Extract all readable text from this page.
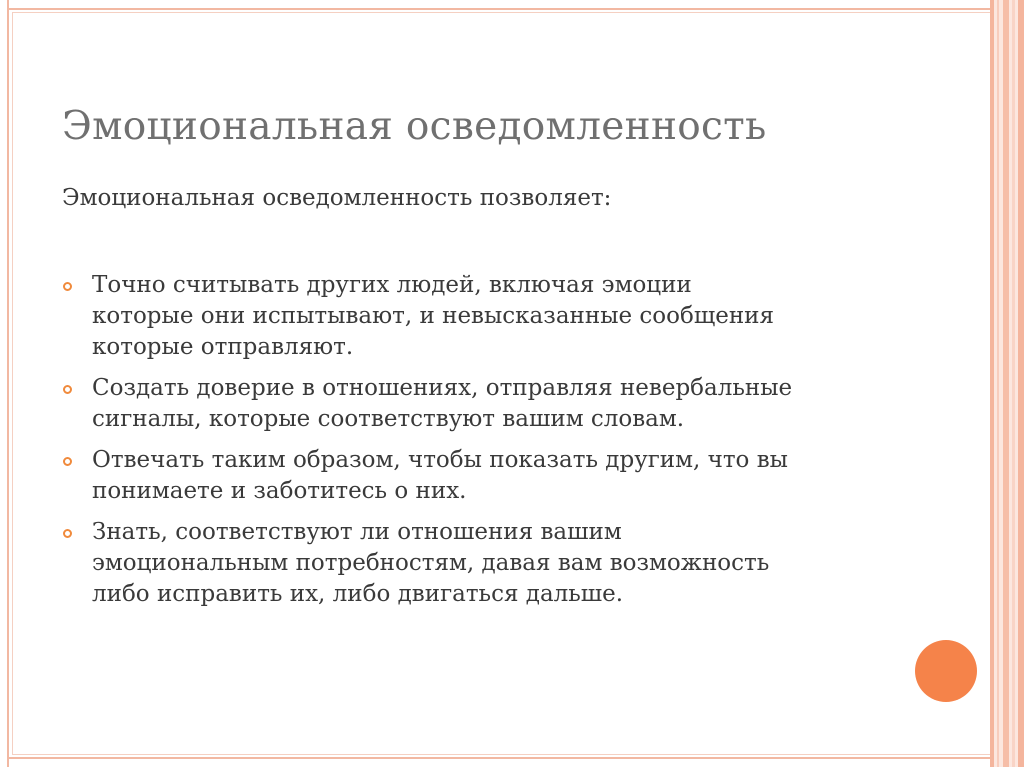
Эмоциональная осведомленность
Эмоциональная осведомленность позволяет:
Точно считывать других людей, включая эмоции
которые они испытывают, и невысказанные сообщения
которые отправляют.
Создать доверие в отношениях, отправляя невербальные
сигналы, которые соответствуют вашим словам.
Отвечать таким образом, чтобы показать другим, что вы
понимаете и заботитесь о них.
Знать, соответствуют ли отношения вашим
эмоциональным потребностям, давая вам возможность
либо исправить их, либо двигаться дальше.
